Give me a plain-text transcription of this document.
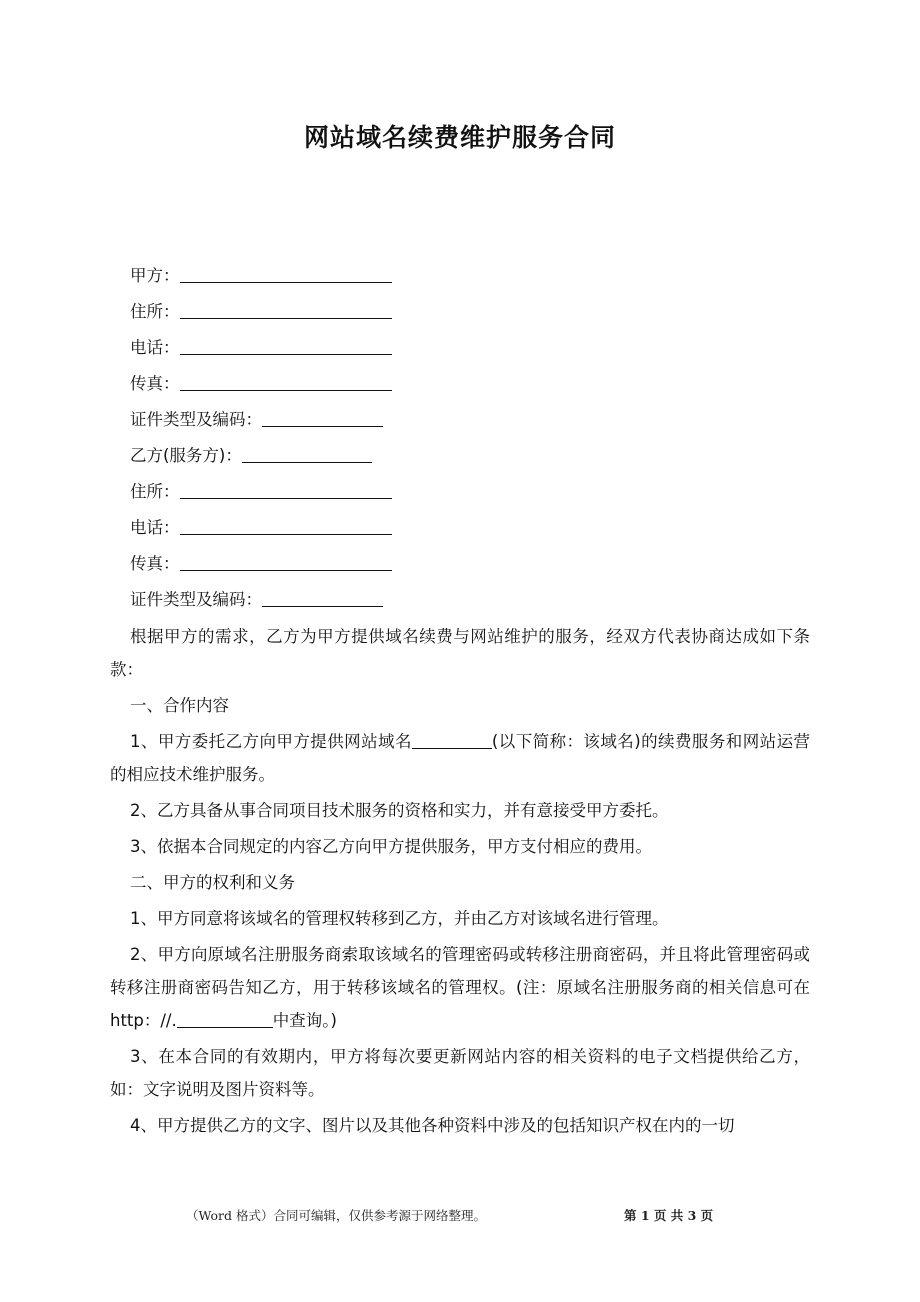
网站域名续费维护服务合同
甲方：
住所：
电话：
传真：
证件类型及编码：
乙方(服务方)：
住所：
电话：
传真：
证件类型及编码：

根据甲方的需求，乙方为甲方提供域名续费与网站维护的服务，经双方代表协商达成如下条款：

一、合作内容

1、甲方委托乙方向甲方提供网站域名	(以下简称：该域名)的续费服务和网站运营的相应技术维护服务。

2、乙方具备从事合同项目技术服务的资格和实力，并有意接受甲方委托。

3、依据本合同规定的内容乙方向甲方提供服务，甲方支付相应的费用。

二、甲方的权利和义务

1、甲方同意将该域名的管理权转移到乙方，并由乙方对该域名进行管理。

2、甲方向原域名注册服务商索取该域名的管理密码或转移注册商密码，并且将此管理密码或转移注册商密码告知乙方，用于转移该域名的管理权。(注：原域名注册服务商的相关信息可在http：//.	中查询。)

3、在本合同的有效期内，甲方将每次要更新网站内容的相关资料的电子文档提供给乙方，如：文字说明及图片资料等。

4、甲方提供乙方的文字、图片以及其他各种资料中涉及的包括知识产权在内的一切

（Word 格式）合同可编辑，仅供参考源于网络整理。	第 1 页 共 3 页
